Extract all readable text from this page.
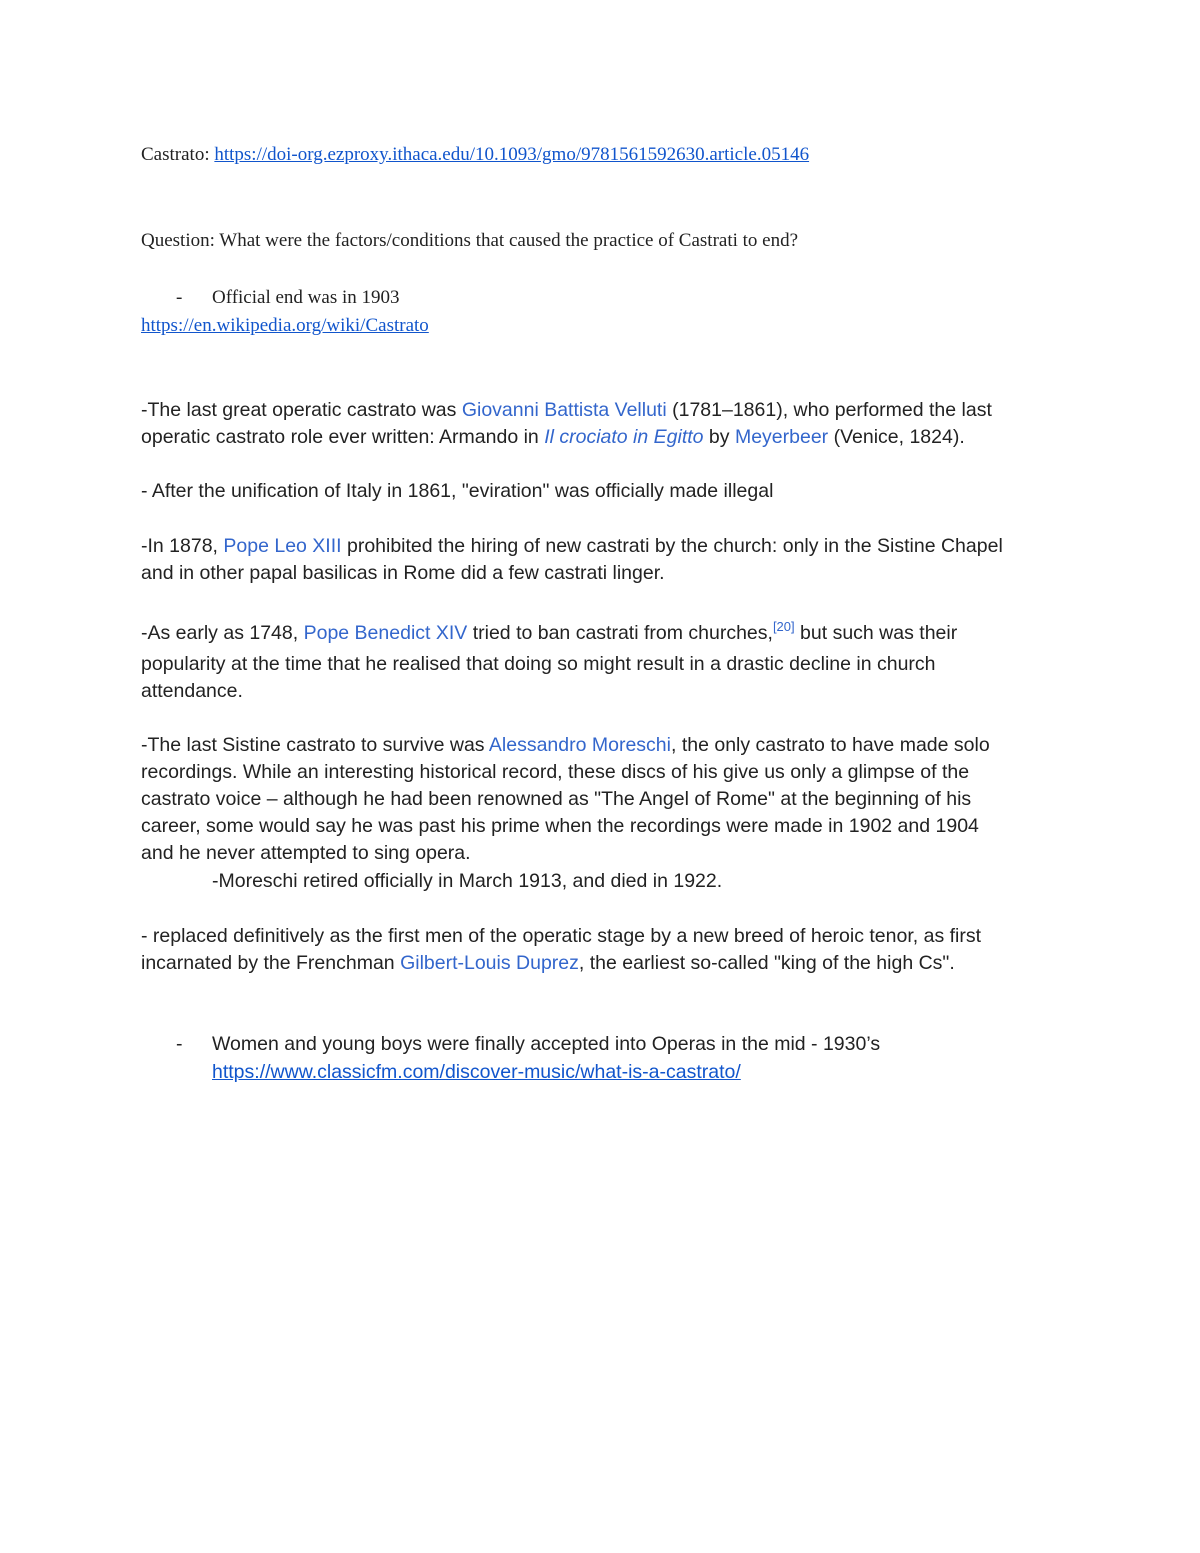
Castrato: https://doi-org.ezproxy.ithaca.edu/10.1093/gmo/9781561592630.article.05146
Question: What were the factors/conditions that caused the practice of Castrati to end?
- Official end was in 1903
https://en.wikipedia.org/wiki/Castrato
-The last great operatic castrato was Giovanni Battista Velluti (1781–1861), who performed the last
operatic castrato role ever written: Armando in Il crociato in Egitto by Meyerbeer (Venice, 1824).
- After the unification of Italy in 1861, "eviration" was officially made illegal
-In 1878, Pope Leo XIII prohibited the hiring of new castrati by the church: only in the Sistine Chapel
and in other papal basilicas in Rome did a few castrati linger.
-As early as 1748, Pope Benedict XIV tried to ban castrati from churches,[20] but such was their
popularity at the time that he realised that doing so might result in a drastic decline in church
attendance.
-The last Sistine castrato to survive was Alessandro Moreschi, the only castrato to have made solo
recordings. While an interesting historical record, these discs of his give us only a glimpse of the
castrato voice – although he had been renowned as "The Angel of Rome" at the beginning of his
career, some would say he was past his prime when the recordings were made in 1902 and 1904
and he never attempted to sing opera.
-Moreschi retired officially in March 1913, and died in 1922.
- replaced definitively as the first men of the operatic stage by a new breed of heroic tenor, as first
incarnated by the Frenchman Gilbert-Louis Duprez, the earliest so-called "king of the high Cs".
- Women and young boys were finally accepted into Operas in the mid - 1930’s
https://www.classicfm.com/discover-music/what-is-a-castrato/
